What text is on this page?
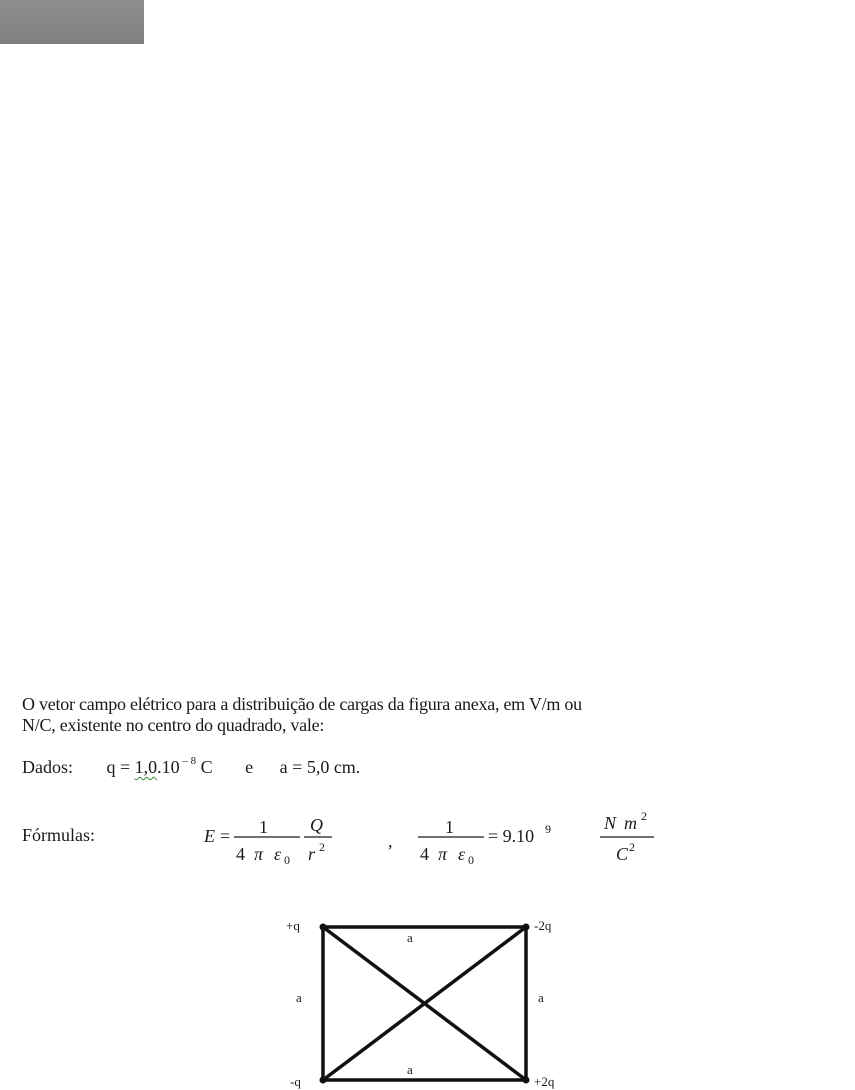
O vetor campo elétrico para a distribuição de cargas da figura anexa, em V/m ou

N/C, existente no centro do quadrado, vale:

Dados: q = 1,0.10 $^{- 8}$ C e a = 5,0 cm.
Fórmulas:	E = 1
4 π ε 0
Q
r 2	,
1
4 π ε 0
= 9.10 9	N m 2
C 2
+q	-2q
-q	+2q
a
a	a
a
